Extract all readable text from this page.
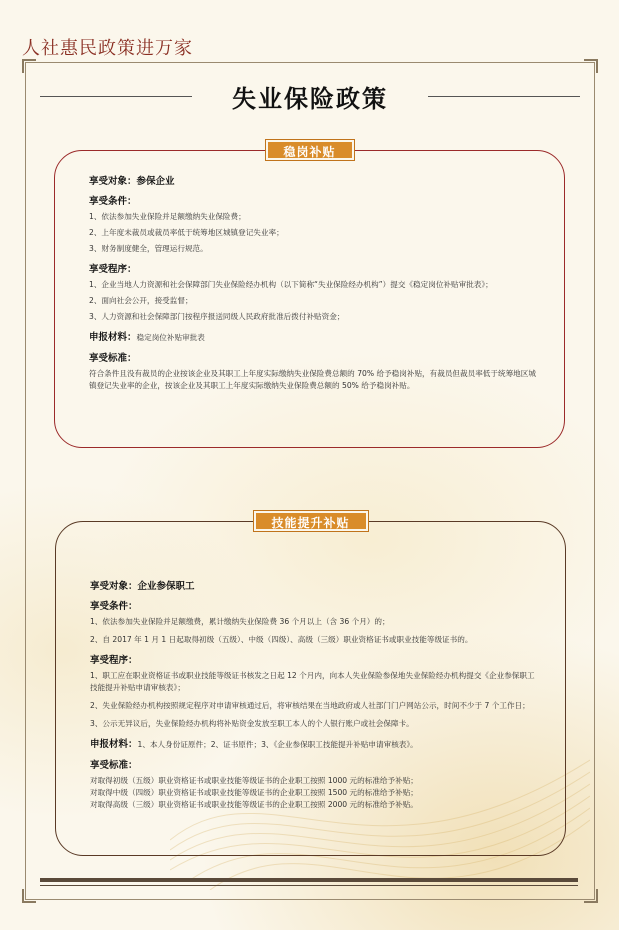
人社惠民政策进万家
失业保险政策
稳岗补贴
享受对象：参保企业
享受条件：
1、依法参加失业保险并足额缴纳失业保险费；
2、上年度未裁员或裁员率低于统筹地区城镇登记失业率；
3、财务制度健全，管理运行规范。
享受程序：
1、企业当地人力资源和社会保障部门失业保险经办机构（以下简称“失业保险经办机构”）提交《稳定岗位补贴审批表》；
2、面向社会公开，接受监督；
3、人力资源和社会保障部门按程序报送同级人民政府批准后拨付补贴资金；
申报材料：稳定岗位补贴审批表
享受标准：
符合条件且没有裁员的企业按该企业及其职工上年度实际缴纳失业保险费总额的 70% 给予稳岗补贴，有裁员但裁员率低于统筹地区城镇登记失业率的企业，按该企业及其职工上年度实际缴纳失业保险费总额的 50% 给予稳岗补贴。
技能提升补贴
享受对象：企业参保职工
享受条件：
1、依法参加失业保险并足额缴费，累计缴纳失业保险费 36 个月以上（含 36 个月）的；
2、自 2017 年 1 月 1 日起取得初级（五级）、中级（四级）、高级（三级）职业资格证书或职业技能等级证书的。
享受程序：
1、职工应在职业资格证书或职业技能等级证书核发之日起 12 个月内，向本人失业保险参保地失业保险经办机构提交《企业参保职工技能提升补贴申请审核表》；
2、失业保险经办机构按照规定程序对申请审核通过后，将审核结果在当地政府或人社部门门户网站公示，时间不少于 7 个工作日；
3、公示无异议后，失业保险经办机构将补贴资金发放至职工本人的个人银行账户或社会保障卡。
申报材料：1、本人身份证原件；2、证书原件；3、《企业参保职工技能提升补贴申请审核表》。
享受标准：
对取得初级（五级）职业资格证书或职业技能等级证书的企业职工按照 1000 元的标准给予补贴；
对取得中级（四级）职业资格证书或职业技能等级证书的企业职工按照 1500 元的标准给予补贴；
对取得高级（三级）职业资格证书或职业技能等级证书的企业职工按照 2000 元的标准给予补贴。
